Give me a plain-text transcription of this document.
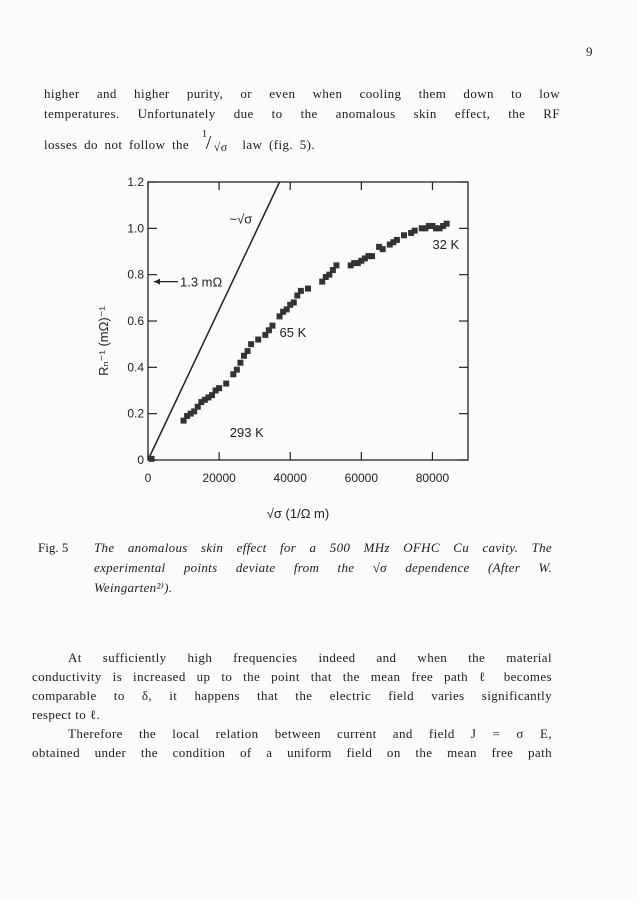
9
higher and higher purity, or even when cooling them down to low
temperatures. Unfortunately due to the anomalous skin effect, the RF
losses do not follow the
1
/ √σ law (fig. 5).
0	20000	40000	60000	80000
0
0.2
0.4
0.6
0.8
1.0
1.2
~√σ
32 K
65 K
293 K
1.3 mΩ
√σ (1/Ω m)
Rₙ⁻¹ (mΩ)⁻¹
Fig. 5 The anomalous skin effect for a 500 MHz OFHC Cu cavity. The
experimental points deviate from the √σ dependence (After W.
Weingarten²⁾).
At sufficiently high frequencies indeed and when the material
conductivity is increased up to the point that the mean free path ℓ becomes
comparable to δ, it happens that the electric field varies significantly
respect to ℓ.
Therefore the local relation between current and field J = σ E,
obtained under the condition of a uniform field on the mean free path
